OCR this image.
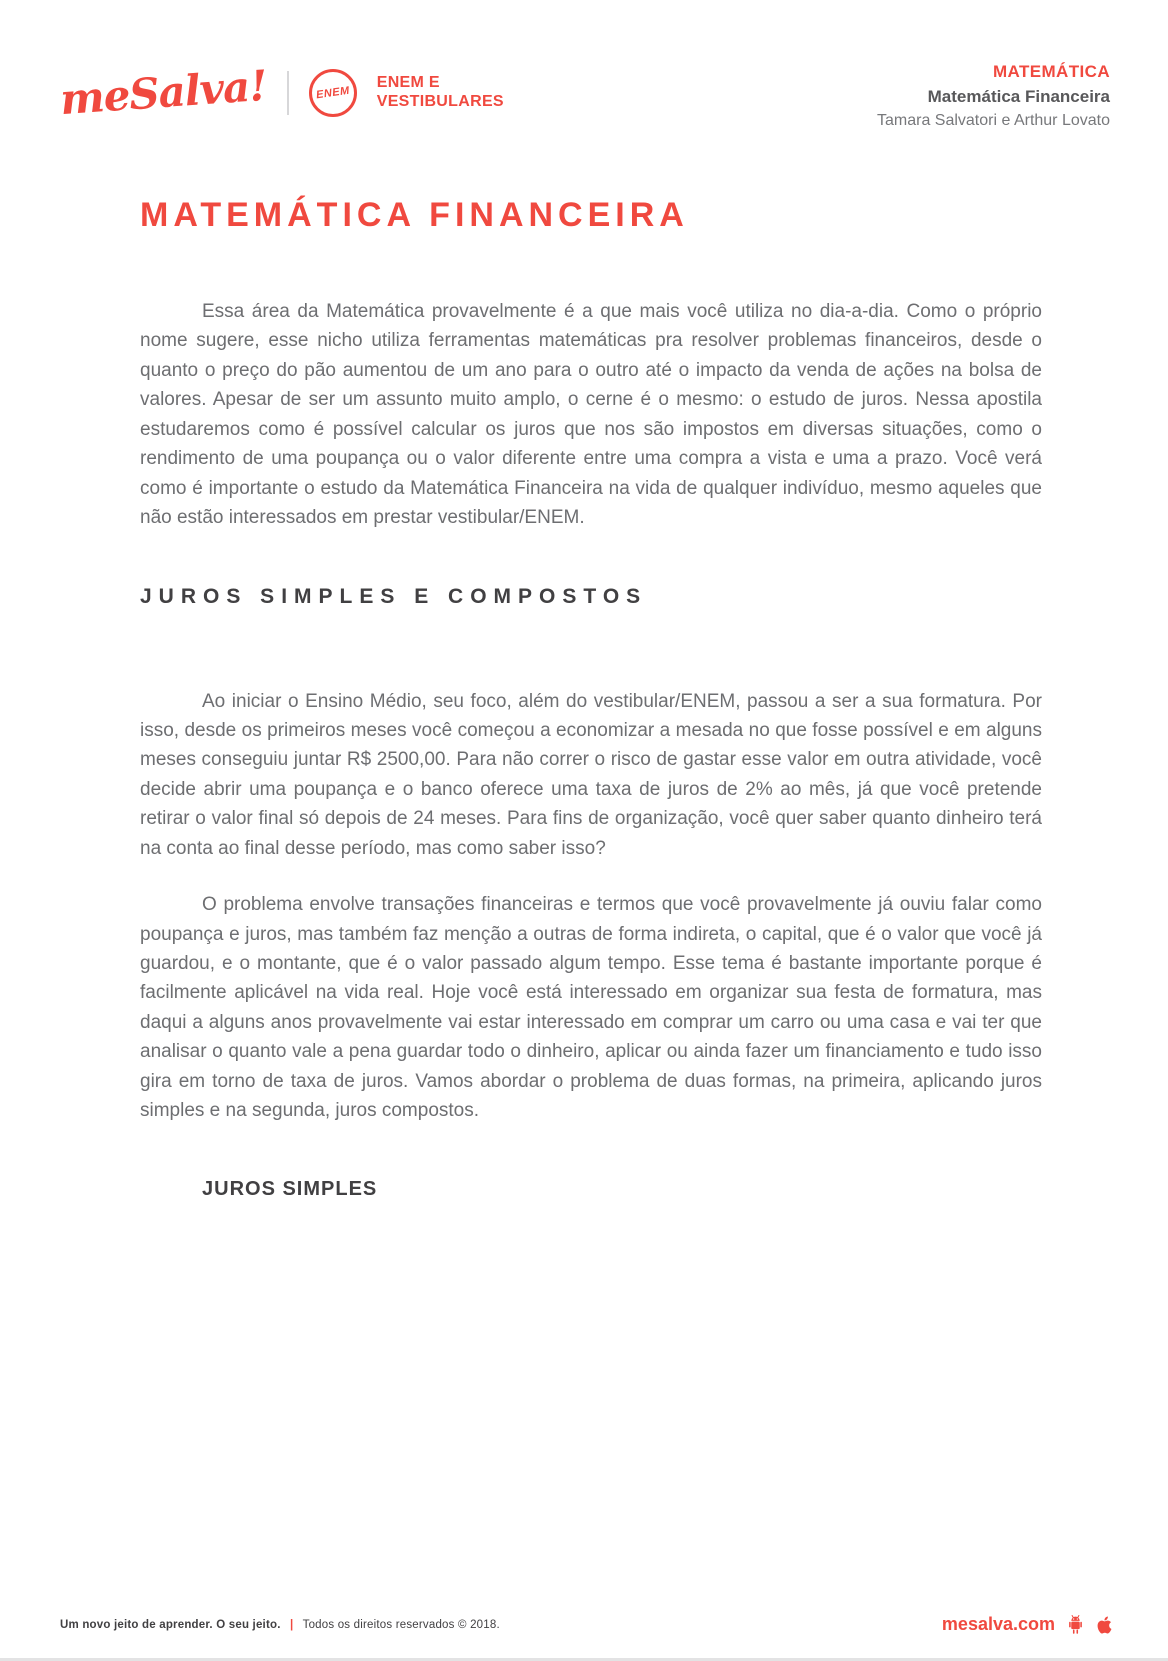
meSalva!	ENEM
ENEM E
VESTIBULARES
MATEMÁTICA
Matemática Financeira
Tamara Salvatori e Arthur Lovato
MATEMÁTICA FINANCEIRA

Essa área da Matemática provavelmente é a que mais você utiliza no dia-a-dia. Como o próprio nome sugere, esse nicho utiliza ferramentas matemáticas pra resolver problemas financeiros, desde o quanto o preço do pão aumentou de um ano para o outro até o impacto da venda de ações na bolsa de valores. Apesar de ser um assunto muito amplo, o cerne é o mesmo: o estudo de juros. Nessa apostila estudaremos como é possível calcular os juros que nos são impostos em diversas situações, como o rendimento de uma poupança ou o valor diferente entre uma compra a vista e uma a prazo. Você verá como é importante o estudo da Matemática Financeira na vida de qualquer indivíduo, mesmo aqueles que não estão interessados em prestar vestibular/ENEM.

JUROS SIMPLES E COMPOSTOS

Ao iniciar o Ensino Médio, seu foco, além do vestibular/ENEM, passou a ser a sua formatura. Por isso, desde os primeiros meses você começou a economizar a mesada no que fosse possível e em alguns meses conseguiu juntar R$ 2500,00. Para não correr o risco de gastar esse valor em outra atividade, você decide abrir uma poupança e o banco oferece uma taxa de juros de 2% ao mês, já que você pretende retirar o valor final só depois de 24 meses. Para fins de organização, você quer saber quanto dinheiro terá na conta ao final desse período, mas como saber isso?

O problema envolve transações financeiras e termos que você provavelmente já ouviu falar como poupança e juros, mas também faz menção a outras de forma indireta, o capital, que é o valor que você já guardou, e o montante, que é o valor passado algum tempo. Esse tema é bastante importante porque é facilmente aplicável na vida real. Hoje você está interessado em organizar sua festa de formatura, mas daqui a alguns anos provavelmente vai estar interessado em comprar um carro ou uma casa e vai ter que analisar o quanto vale a pena guardar todo o dinheiro, aplicar ou ainda fazer um financiamento e tudo isso gira em torno de taxa de juros. Vamos abordar o problema de duas formas, na primeira, aplicando juros simples e na segunda, juros compostos.

JUROS SIMPLES
Um novo jeito de aprender. O seu jeito. | Todos os direitos reservados © 2018.	mesalva.com
